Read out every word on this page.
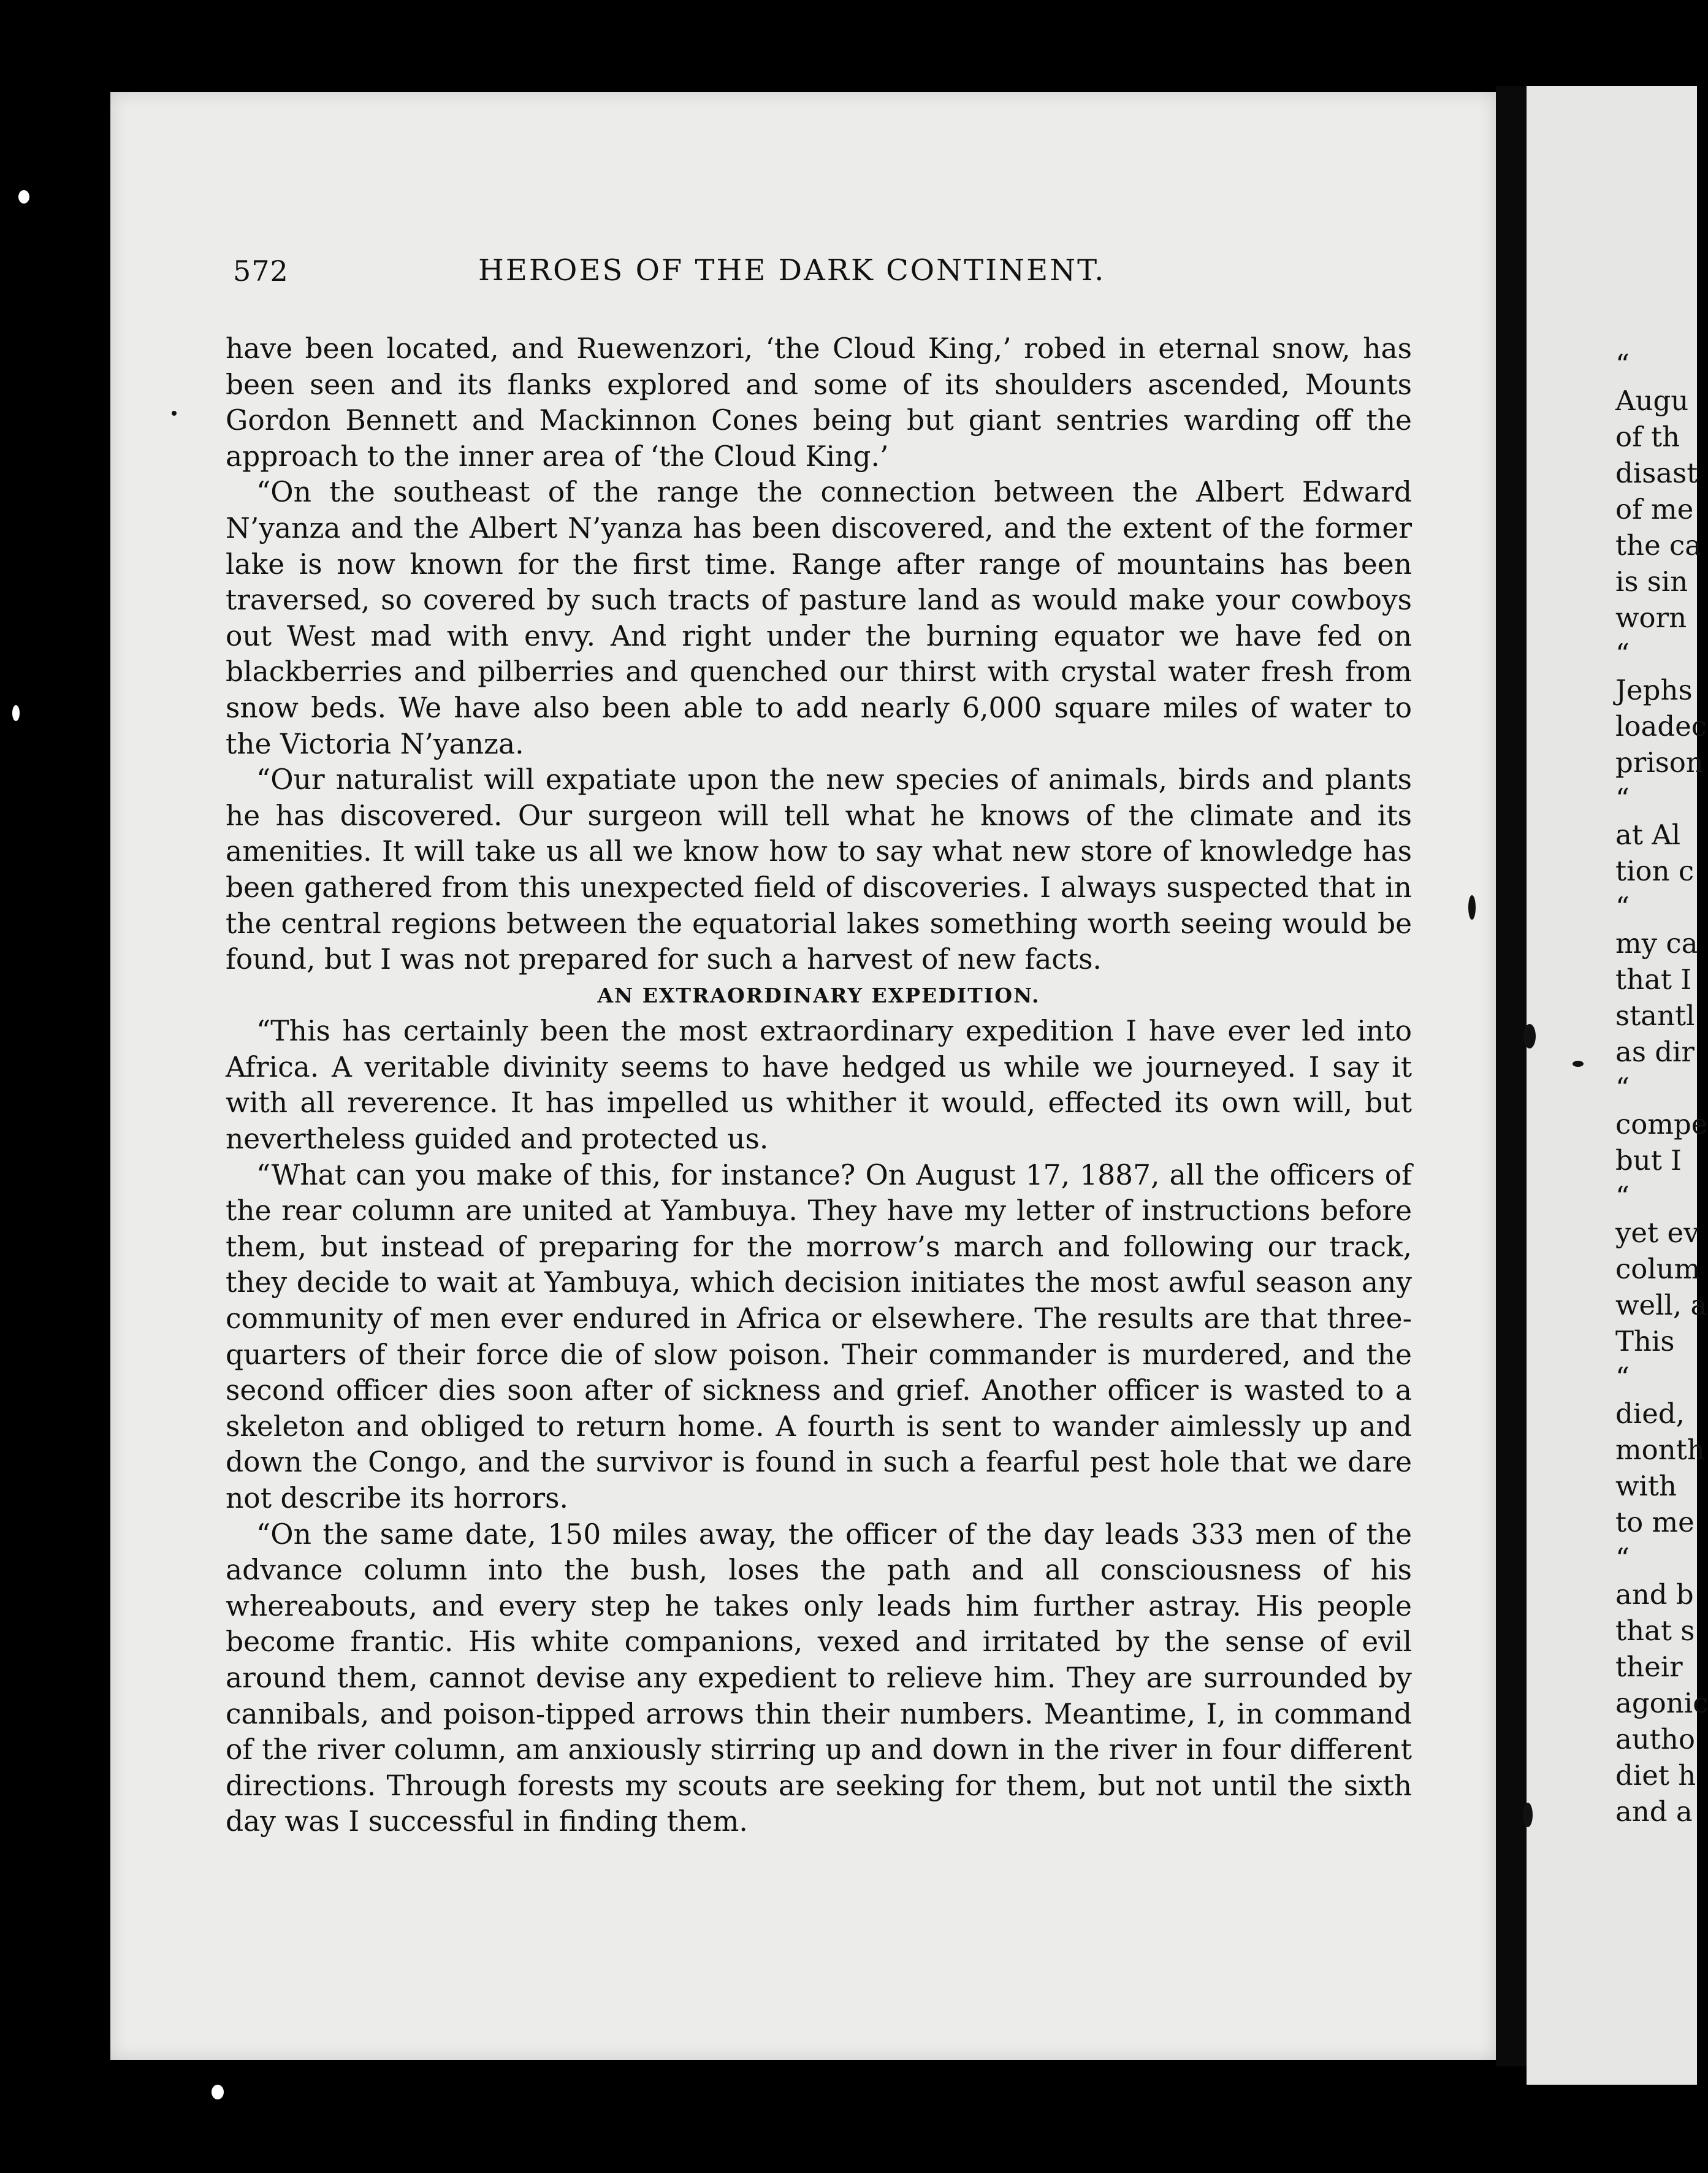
572	HEROES OF THE DARK CONTINENT.

have been located, and Ruewenzori, ‘the Cloud King,’ robed in eternal snow, has been seen and its flanks explored and some of its shoulders ascended, Mounts Gordon Bennett and Mackinnon Cones being but giant sentries warding off the approach to the inner area of ‘the Cloud King.’

“On the southeast of the range the connection between the Albert Edward N’yanza and the Albert N’yanza has been discovered, and the extent of the former lake is now known for the first time. Range after range of mountains has been traversed, so covered by such tracts of pasture land as would make your cowboys out West mad with envy. And right under the burning equator we have fed on blackberries and pilberries and quenched our thirst with crystal water fresh from snow beds. We have also been able to add nearly 6,000 square miles of water to the Victoria N’yanza.

“Our naturalist will expatiate upon the new species of animals, birds and plants he has discovered. Our surgeon will tell what he knows of the climate and its amenities. It will take us all we know how to say what new store of knowledge has been gathered from this unexpected field of discoveries. I always suspected that in the central regions between the equatorial lakes something worth seeing would be found, but I was not prepared for such a harvest of new facts.

AN EXTRAORDINARY EXPEDITION.

“This has certainly been the most extraordinary expedition I have ever led into Africa. A veritable divinity seems to have hedged us while we journeyed. I say it with all reverence. It has impelled us whither it would, effected its own will, but nevertheless guided and protected us.

“What can you make of this, for instance? On August 17, 1887, all the officers of the rear column are united at Yambuya. They have my letter of instructions before them, but instead of preparing for the morrow’s march and following our track, they decide to wait at Yambuya, which decision initiates the most awful season any community of men ever endured in Africa or elsewhere. The results are that three-quarters of their force die of slow poison. Their commander is murdered, and the second officer dies soon after of sickness and grief. Another officer is wasted to a skeleton and obliged to return home. A fourth is sent to wander aimlessly up and down the Congo, and the survivor is found in such a fearful pest hole that we dare not describe its horrors.

“On the same date, 150 miles away, the officer of the day leads 333 men of the advance column into the bush, loses the path and all consciousness of his whereabouts, and every step he takes only leads him further astray. His people become frantic. His white companions, vexed and irritated by the sense of evil around them, cannot devise any expedient to relieve him. They are surrounded by cannibals, and poison-tipped arrows thin their numbers. Meantime, I, in command of the river column, am anxiously stirring up and down in the river in four different directions. Through forests my scouts are seeking for them, but not until the sixth day was I successful in finding them.

“
Augu
of th
disast
of me
the ca
is sin
worn
“
Jephs
loadec
prison
“
at Al
tion c
“
my ca
that I
stantl
as dir
“
compe
but I
“
yet ev
colum
well, a
This
“
died,
month
with
to me
“
and b
that s
their
agonic
autho
diet h
and a
